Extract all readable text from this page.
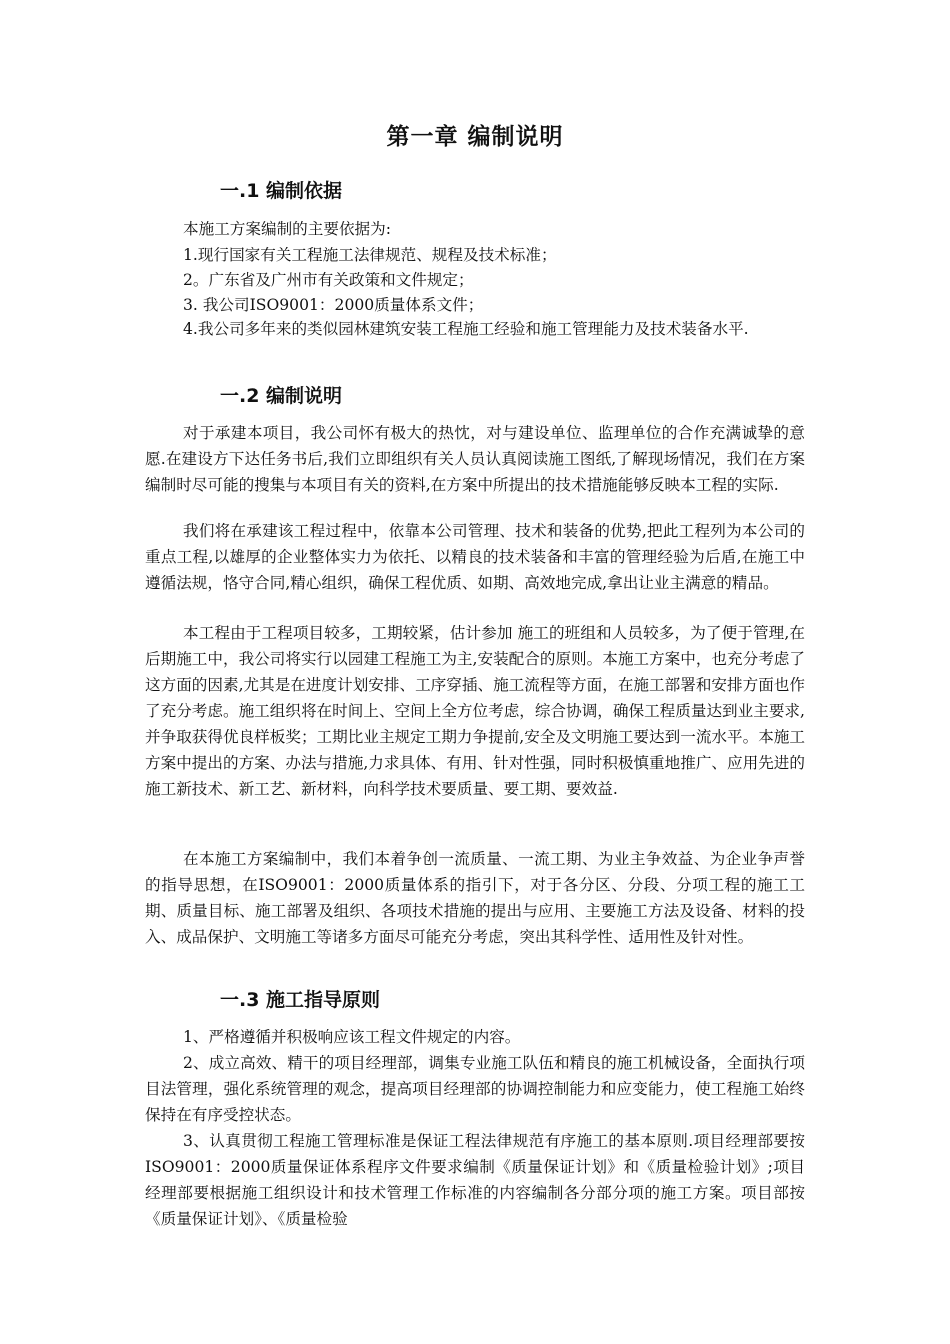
第一章 编制说明
一.1 编制依据

本施工方案编制的主要依据为:

1.现行国家有关工程施工法律规范、规程及技术标准；

2。广东省及广州市有关政策和文件规定；

3. 我公司ISO9001：2000质量体系文件；

4.我公司多年来的类似园林建筑安装工程施工经验和施工管理能力及技术装备水平.

一.2 编制说明

对于承建本项目，我公司怀有极大的热忱，对与建设单位、监理单位的合作充满诚挚的意愿.在建设方下达任务书后,我们立即组织有关人员认真阅读施工图纸,了解现场情况，我们在方案编制时尽可能的搜集与本项目有关的资料,在方案中所提出的技术措施能够反映本工程的实际.

我们将在承建该工程过程中，依靠本公司管理、技术和装备的优势,把此工程列为本公司的重点工程,以雄厚的企业整体实力为依托、以精良的技术装备和丰富的管理经验为后盾,在施工中遵循法规，恪守合同,精心组织，确保工程优质、如期、高效地完成,拿出让业主满意的精品。

本工程由于工程项目较多，工期较紧，估计参加 施工的班组和人员较多，为了便于管理,在后期施工中，我公司将实行以园建工程施工为主,安装配合的原则。本施工方案中，也充分考虑了这方面的因素,尤其是在进度计划安排、工序穿插、施工流程等方面，在施工部署和安排方面也作了充分考虑。施工组织将在时间上、空间上全方位考虑，综合协调，确保工程质量达到业主要求,并争取获得优良样板奖；工期比业主规定工期力争提前,安全及文明施工要达到一流水平。本施工方案中提出的方案、办法与措施,力求具体、有用、针对性强，同时积极慎重地推广、应用先进的施工新技术、新工艺、新材料，向科学技术要质量、要工期、要效益.

在本施工方案编制中，我们本着争创一流质量、一流工期、为业主争效益、为企业争声誉的指导思想，在ISO9001：2000质量体系的指引下，对于各分区、分段、分项工程的施工工期、质量目标、施工部署及组织、各项技术措施的提出与应用、主要施工方法及设备、材料的投入、成品保护、文明施工等诸多方面尽可能充分考虑，突出其科学性、适用性及针对性。

一.3 施工指导原则

1、严格遵循并积极响应该工程文件规定的内容。

2、成立高效、精干的项目经理部，调集专业施工队伍和精良的施工机械设备，全面执行项目法管理，强化系统管理的观念，提高项目经理部的协调控制能力和应变能力，使工程施工始终保持在有序受控状态。

3、认真贯彻工程施工管理标准是保证工程法律规范有序施工的基本原则.项目经理部要按ISO9001：2000质量保证体系程序文件要求编制《质量保证计划》和《质量检验计划》;项目经理部要根据施工组织设计和技术管理工作标准的内容编制各分部分项的施工方案。项目部按《质量保证计划》、《质量检验
